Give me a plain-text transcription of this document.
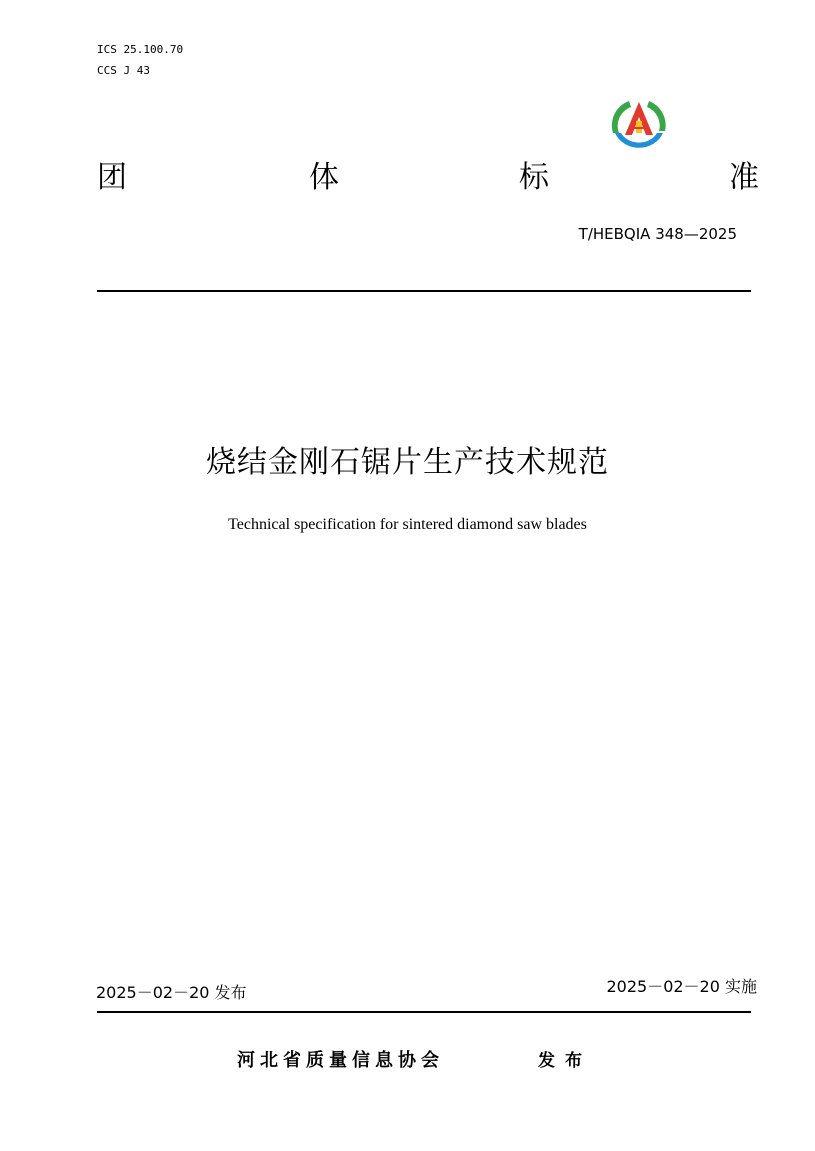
ICS 25.100.70
CCS J 43
团	体	标	准
T/HEBQIA 348—2025
烧结金刚石锯片生产技术规范
Technical specification for sintered diamond saw blades
2025－02－20 发布	2025－02－20 实施
河北省质量信息协会	发布
